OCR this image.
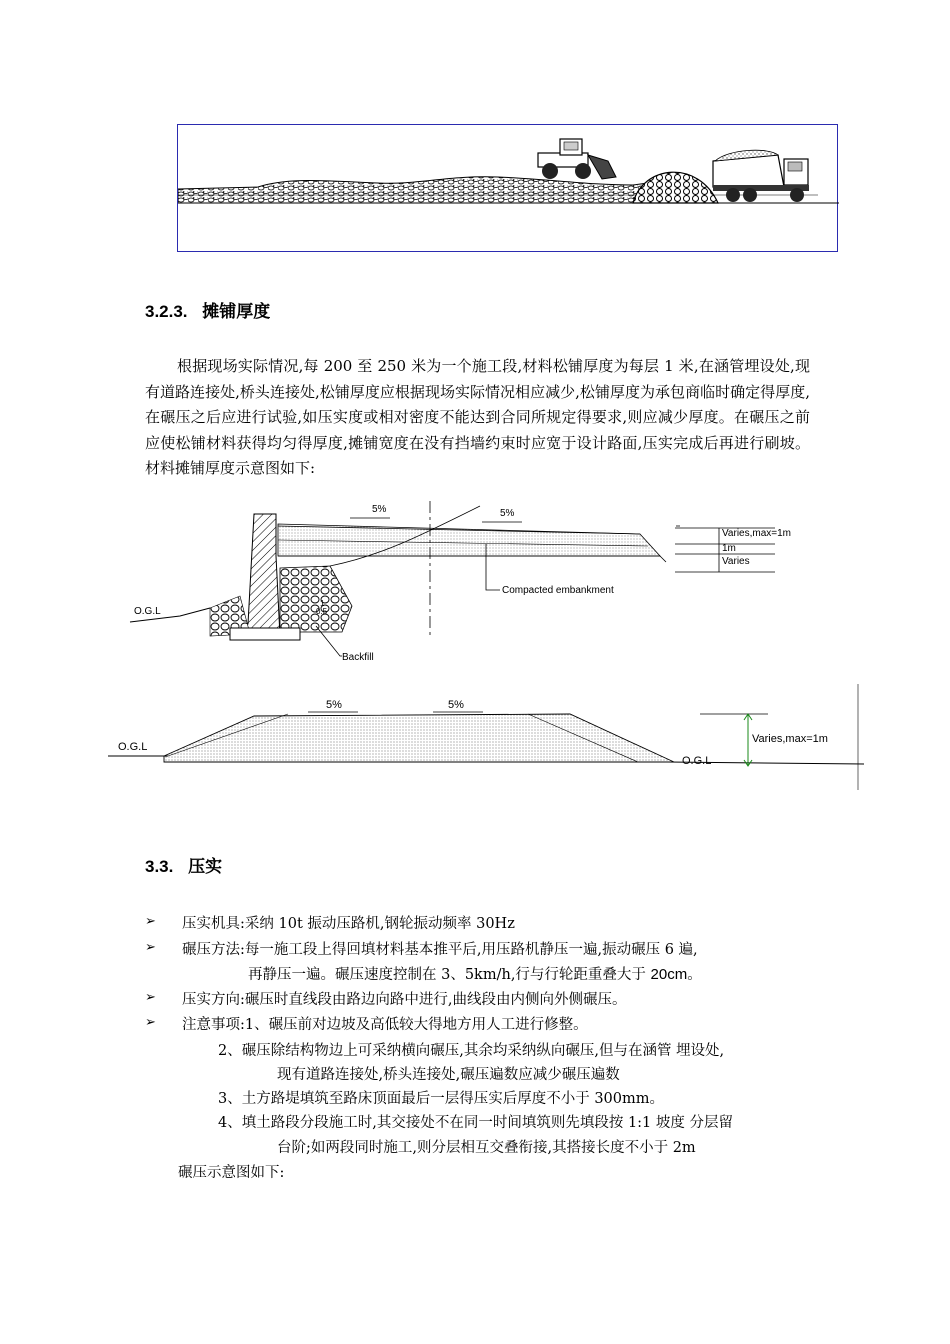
3.2.3. 摊铺厚度
根据现场实际情况,每 200 至 250 米为一个施工段,材料松铺厚度为每层 1 米,在涵管埋设处,现有道路连接处,桥头连接处,松铺厚度应根据现场实际情况相应减少,松铺厚度为承包商临时确定得厚度,在碾压之后应进行试验,如压实度或相对密度不能达到合同所规定得要求,则应减少厚度。在碾压之前应使松铺材料获得均匀得厚度,摊铺宽度在没有挡墙约束时应宽于设计路面,压实完成后再进行刷坡。材料摊铺厚度示意图如下:
O.G.L
5%	5%
Compacted embankment
1
0.5
Backfill
Varies,max=1m
1m
Varies
O.G.L
O.G.L
5%	5%
Varies,max=1m
3.3. 压实
➢ 压实机具:采纳 10t 振动压路机,钢轮振动频率 30Hz
➢ 碾压方法:每一施工段上得回填材料基本推平后,用压路机静压一遍,振动碾压 6 遍,
再静压一遍。碾压速度控制在 3、5km/h,行与行轮距重叠大于 20cm。
➢ 压实方向:碾压时直线段由路边向路中进行,曲线段由内侧向外侧碾压。
➢ 注意事项:1、碾压前对边坡及高低较大得地方用人工进行修整。
2、碾压除结构物边上可采纳横向碾压,其余均采纳纵向碾压,但与在涵管 埋设处,
现有道路连接处,桥头连接处,碾压遍数应减少碾压遍数
3、土方路堤填筑至路床顶面最后一层得压实后厚度不小于 300mm。
4、填土路段分段施工时,其交接处不在同一时间填筑则先填段按 1:1 坡度 分层留
台阶;如两段同时施工,则分层相互交叠衔接,其搭接长度不小于 2m
碾压示意图如下:
